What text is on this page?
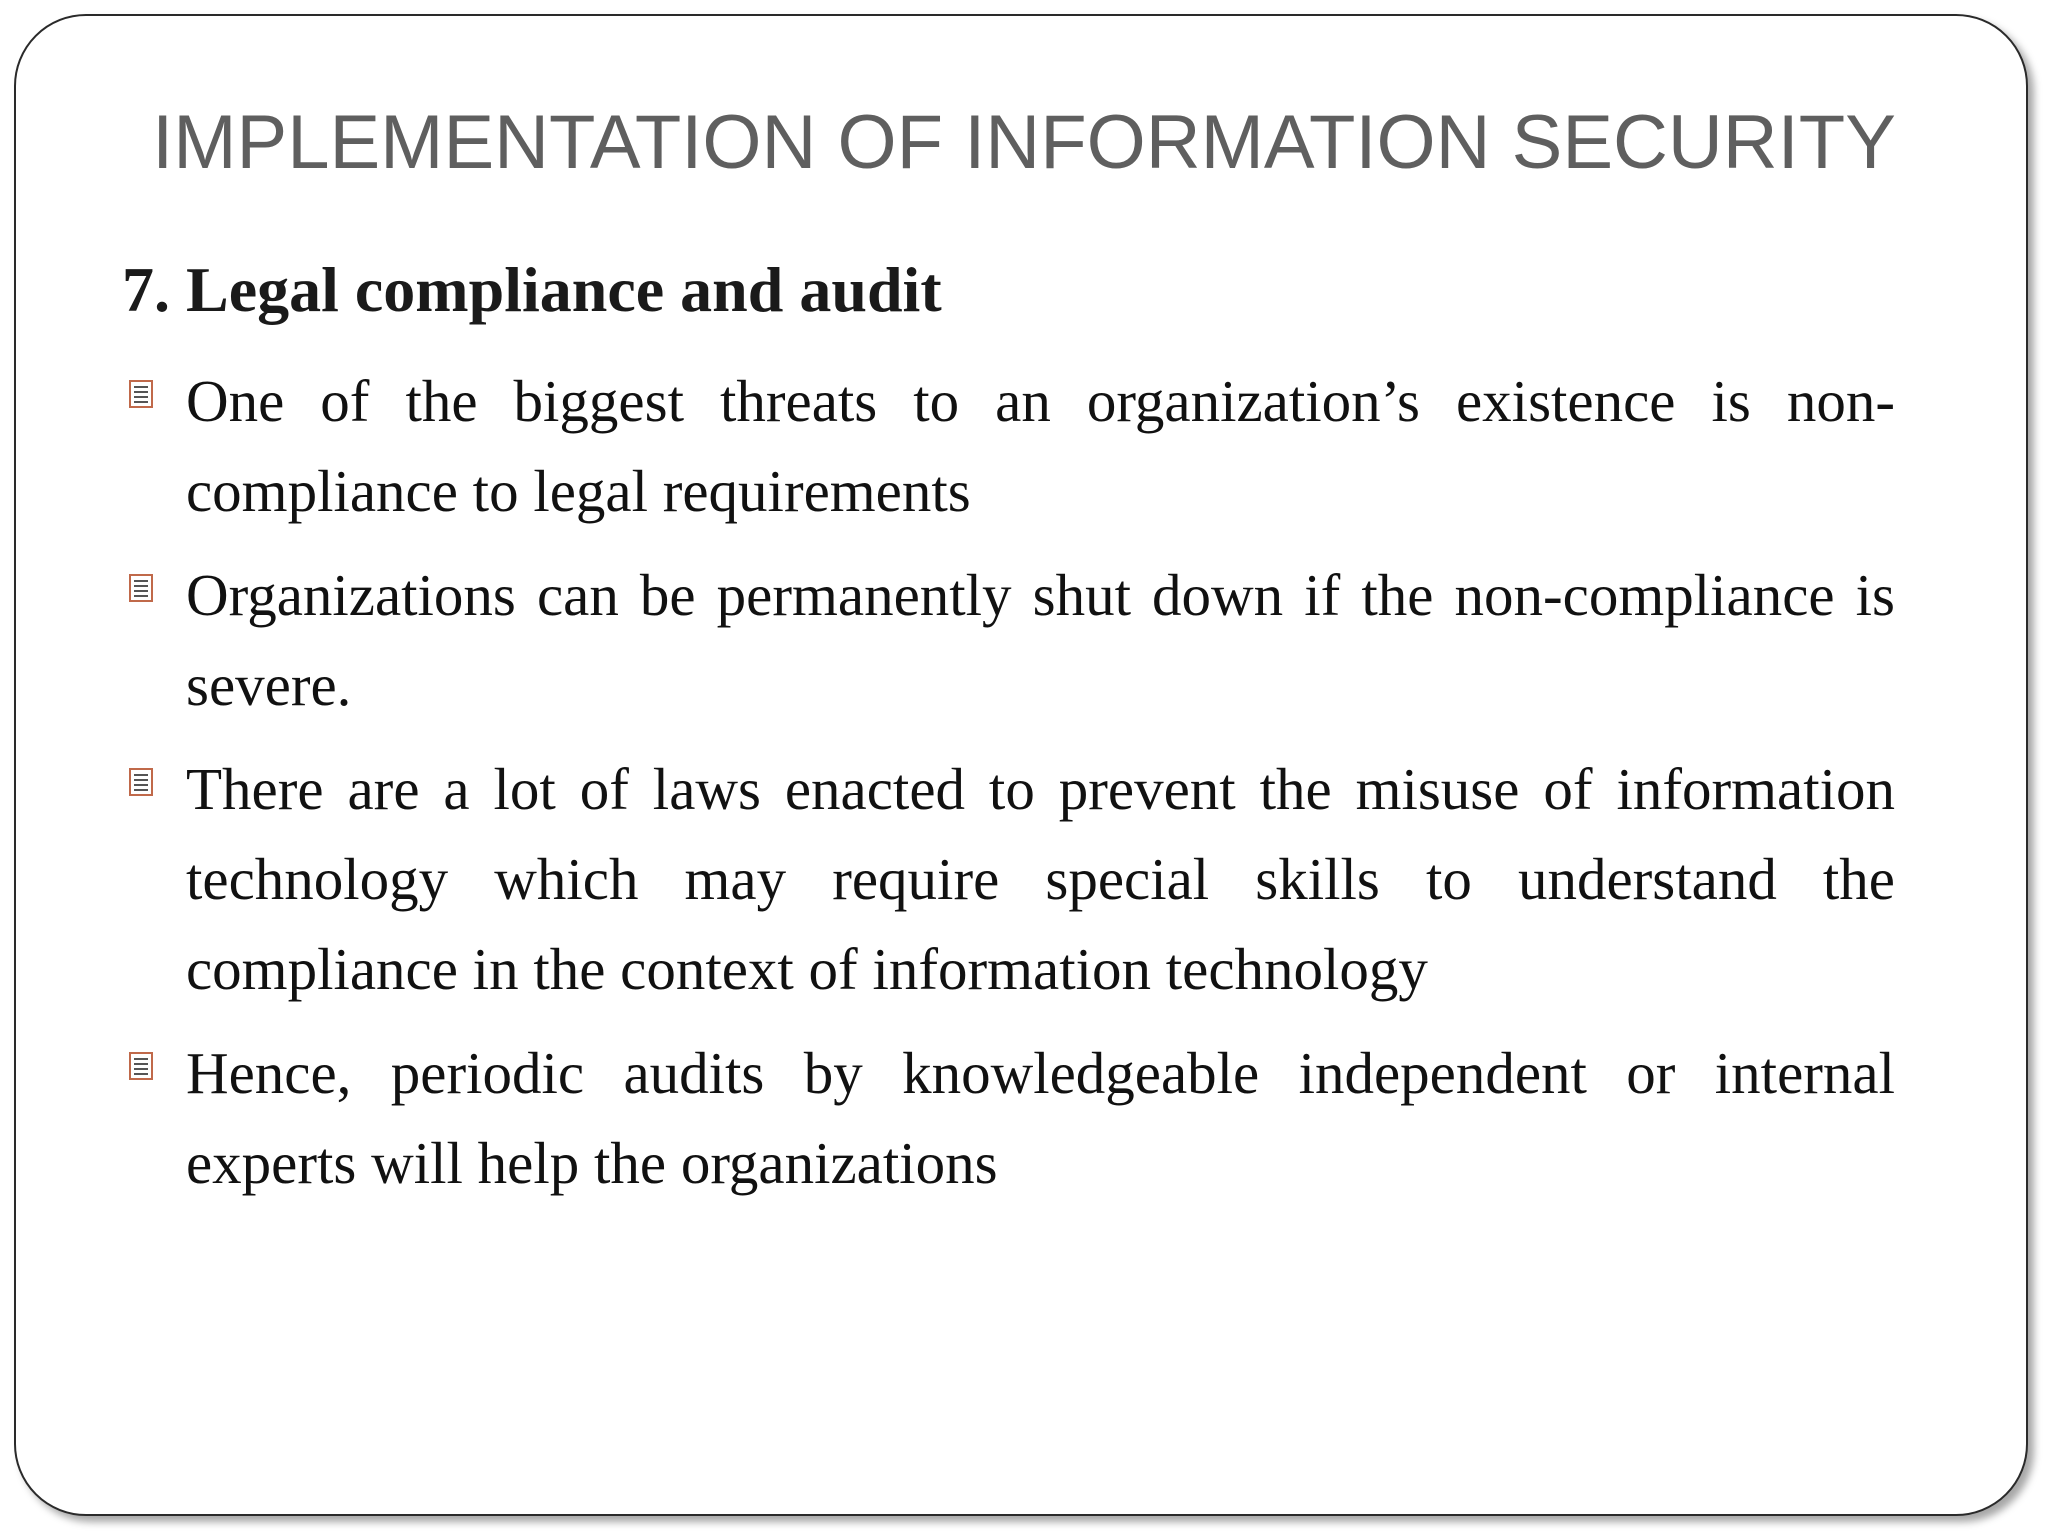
IMPLEMENTATION OF INFORMATION SECURITY
7. Legal compliance and audit
One of the biggest threats to an organization’s existence is non-compliance to legal requirements
Organizations can be permanently shut down if the non-compliance is severe.
There are a lot of laws enacted to prevent the misuse of information technology which may require special skills to understand the compliance in the context of information technology
Hence, periodic audits by knowledgeable independent or internal experts will help the organizations
